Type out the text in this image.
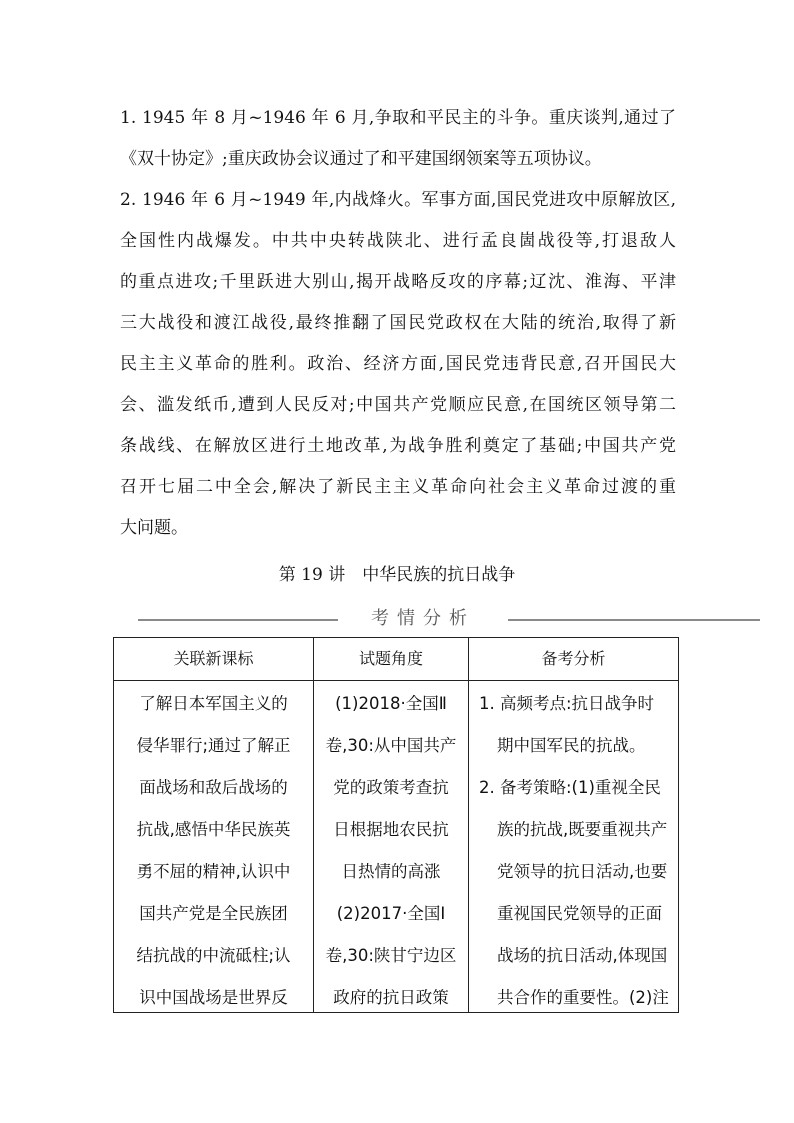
1. 1945 年 8 月~1946 年 6 月,争取和平民主的斗争。重庆谈判,通过了
《双十协定》;重庆政协会议通过了和平建国纲领案等五项协议。

2. 1946 年 6 月~1949 年,内战烽火。军事方面,国民党进攻中原解放区,
全国性内战爆发。中共中央转战陕北、进行孟良崮战役等,打退敌人
的重点进攻;千里跃进大别山,揭开战略反攻的序幕;辽沈、淮海、平津
三大战役和渡江战役,最终推翻了国民党政权在大陆的统治,取得了新
民主主义革命的胜利。政治、经济方面,国民党违背民意,召开国民大
会、滥发纸币,遭到人民反对;中国共产党顺应民意,在国统区领导第二
条战线、在解放区进行土地改革,为战争胜利奠定了基础;中国共产党
召开七届二中全会,解决了新民主主义革命向社会主义革命过渡的重
大问题。

第 19 讲　中华民族的抗日战争
考情分析
关联新课标
了解日本军国主义的
侵华罪行;通过了解正
面战场和敌后战场的
抗战,感悟中华民族英
勇不屈的精神,认识中
国共产党是全民族团
结抗战的中流砥柱;认
识中国战场是世界反
试题角度
(1)2018·全国Ⅱ
卷,30:从中国共产
党的政策考查抗
日根据地农民抗
日热情的高涨
(2)2017·全国Ⅰ
卷,30:陕甘宁边区
政府的抗日政策
备考分析
1. 高频考点:抗日战争时
期中国军民的抗战。
2. 备考策略:(1)重视全民
族的抗战,既要重视共产
党领导的抗日活动,也要
重视国民党领导的正面
战场的抗日活动,体现国
共合作的重要性。(2)注
